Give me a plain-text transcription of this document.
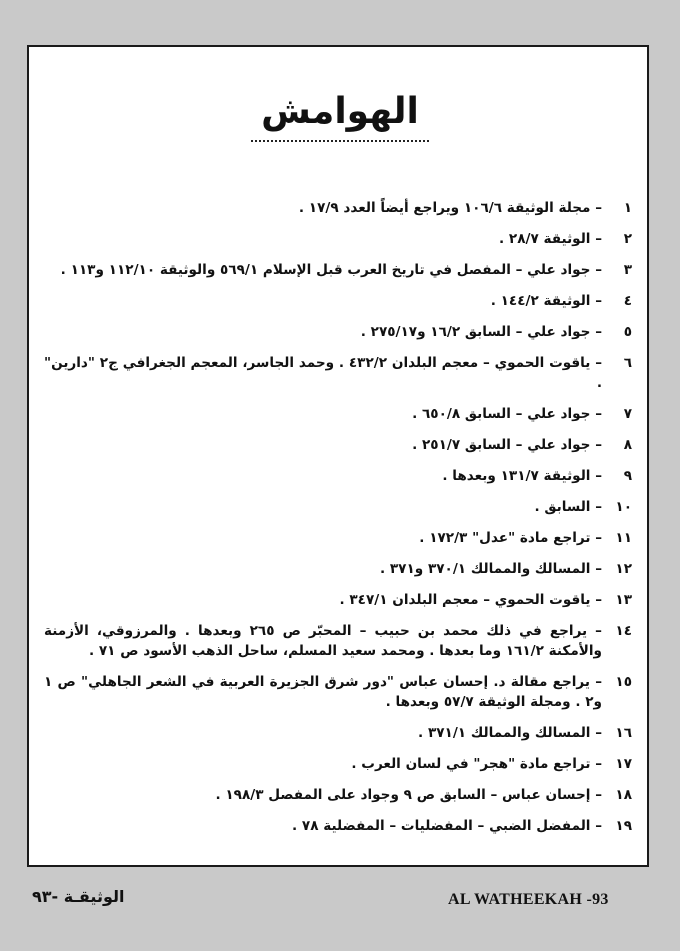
الهوامش
١
– مجلة الوثيقة ١٠٦/٦ ويراجع أيضاً العدد ١٧/٩ .
٢
– الوثيقة ٢٨/٧ .
٣
– جواد علي – المفصل في تاريخ العرب قبل الإسلام ٥٦٩/١ والوثيقة ١١٢/١٠ و١١٣ .
٤
– الوثيقة ١٤٤/٢ .
٥
– جواد علي – السابق ١٦/٢ و٢٧٥/١٧ .
٦
– ياقوت الحموي – معجم البلدان ٤٣٢/٢ . وحمد الجاسر، المعجم الجغرافي ج٢ "دارين" .
٧
– جواد علي – السابق ٦٥٠/٨ .
٨
– جواد علي – السابق ٢٥١/٧ .
٩
– الوثيقة ١٣١/٧ وبعدها .
١٠
– السابق .
١١
– تراجع مادة "عدل" ١٧٢/٣ .
١٢
– المسالك والممالك ٣٧٠/١ و٣٧١ .
١٣
– ياقوت الحموي – معجم البلدان ٣٤٧/١ .
١٤
– يراجع في ذلك محمد بن حبيب – المحبّر ص ٢٦٥ وبعدها . والمرزوقي، الأزمنة والأمكنة ١٦١/٢ وما بعدها . ومحمد سعيد المسلم، ساحل الذهب الأسود ص ٧١ .
١٥
– يراجع مقالة د. إحسان عباس "دور شرق الجزيرة العربية في الشعر الجاهلي" ص ١ و٢ . ومجلة الوثيقة ٥٧/٧ وبعدها .
١٦
– المسالك والممالك ٣٧١/١ .
١٧
– تراجع مادة "هجر" في لسان العرب .
١٨
– إحسان عباس – السابق ص ٩ وجواد على المفصل ١٩٨/٣ .
١٩
– المفضل الضبي – المفضليات – المفضلية ٧٨ .
AL WATHEEKAH -93
الوثيقـة -٩٣
